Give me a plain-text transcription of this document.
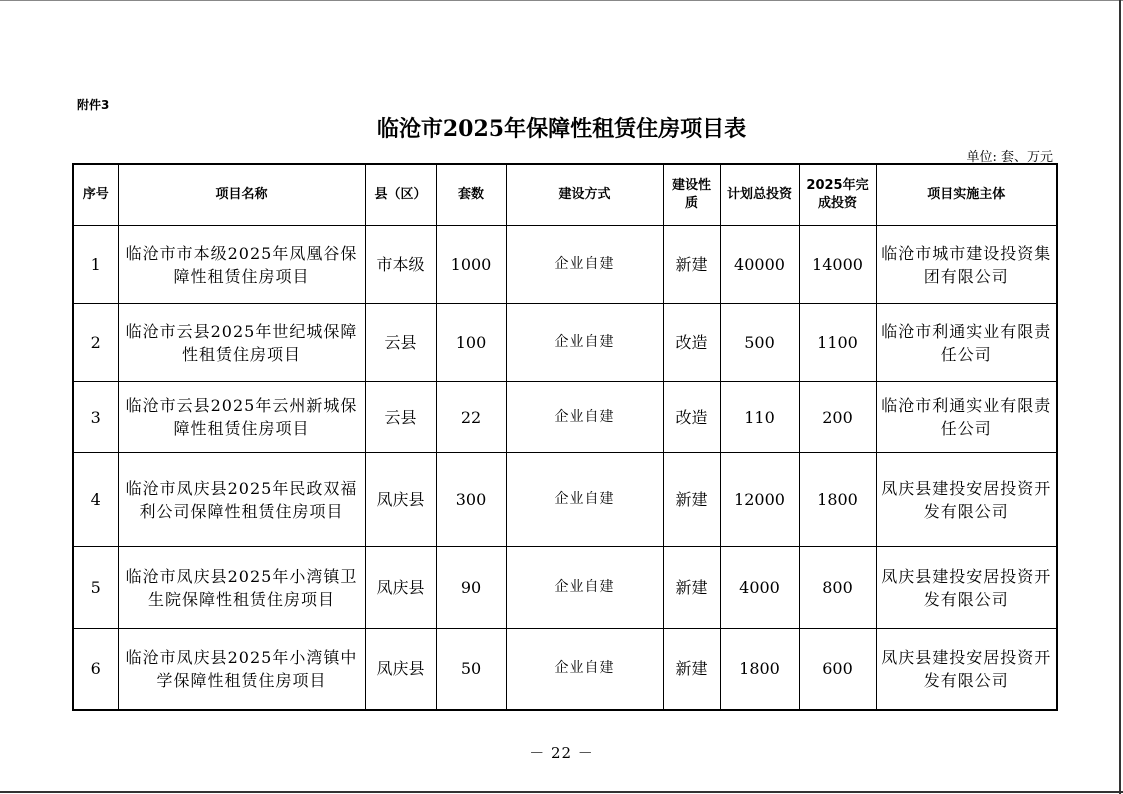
附件3
临沧市2025年保障性租赁住房项目表
单位: 套、万元
序号	项目名称	县（区）	套数	建设方式	建设性质	计划总投资	2025年完成投资	项目实施主体
1	临沧市市本级2025年凤凰谷保障性租赁住房项目	市本级	1000	企业自建	新建	40000	14000	临沧市城市建设投资集团有限公司
2	临沧市云县2025年世纪城保障性租赁住房项目	云县	100	企业自建	改造	500	1100	临沧市利通实业有限责任公司
3	临沧市云县2025年云州新城保障性租赁住房项目	云县	22	企业自建	改造	110	200	临沧市利通实业有限责任公司
4	临沧市凤庆县2025年民政双福利公司保障性租赁住房项目	凤庆县	300	企业自建	新建	12000	1800	凤庆县建投安居投资开发有限公司
5	临沧市凤庆县2025年小湾镇卫生院保障性租赁住房项目	凤庆县	90	企业自建	新建	4000	800	凤庆县建投安居投资开发有限公司
6	临沧市凤庆县2025年小湾镇中学保障性租赁住房项目	凤庆县	50	企业自建	新建	1800	600	凤庆县建投安居投资开发有限公司
－ 22 －
